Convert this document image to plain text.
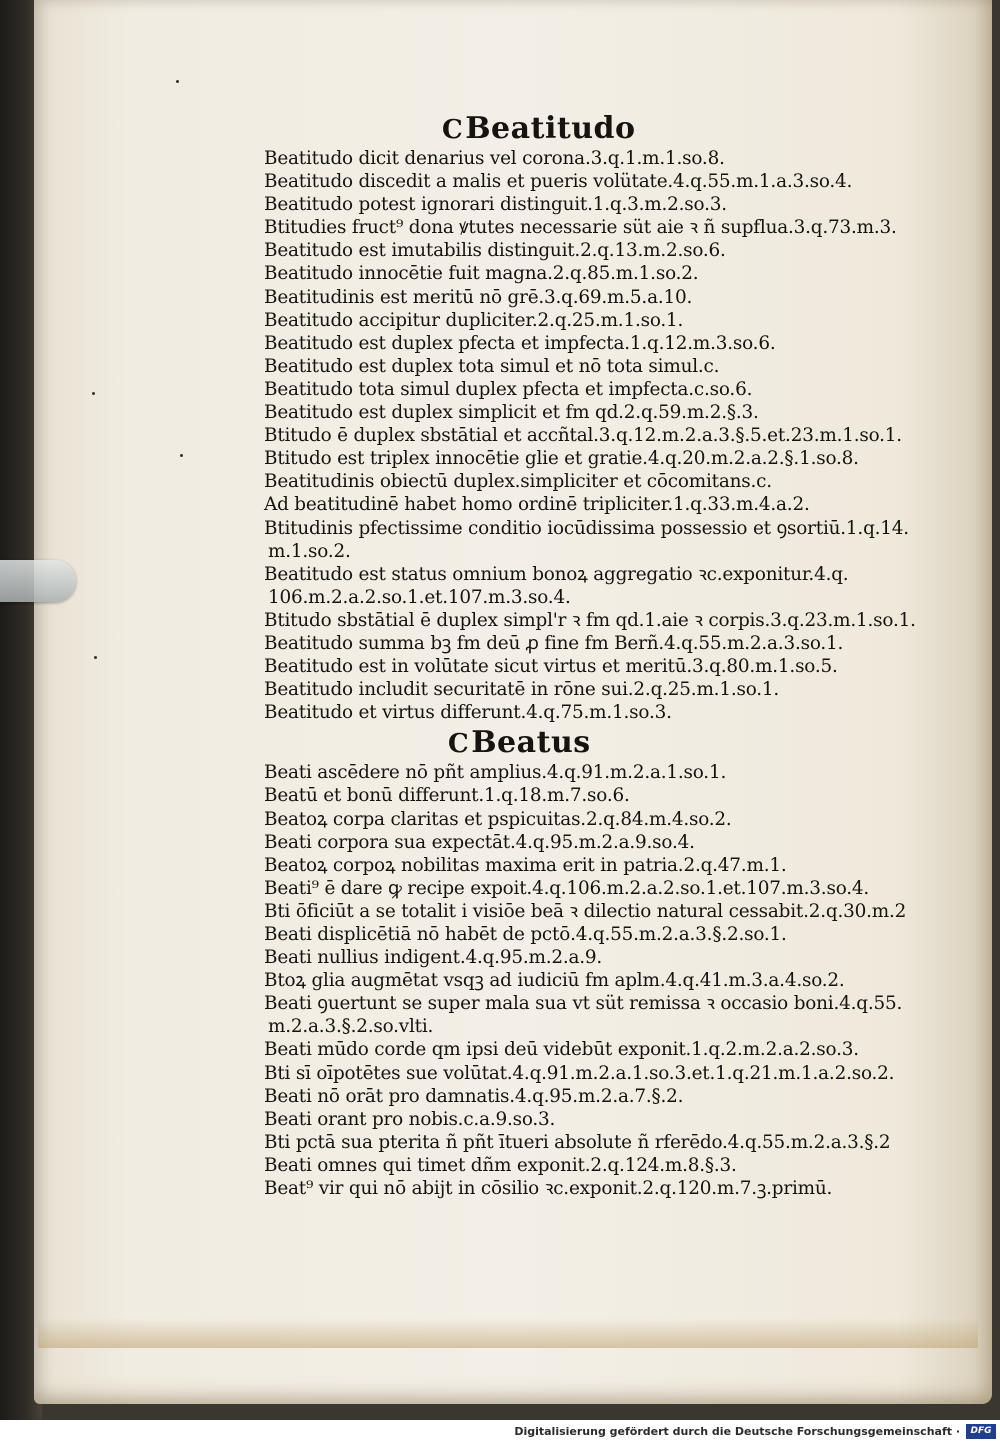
CBeatitudo
Beatitudo dicit denarius vel corona.3.q.1.m.1.so.8.
Beatitudo discedit a malis et pueris volütate.4.q.55.m.1.a.3.so.4.
Beatitudo potest ignorari distinguit.1.q.3.m.2.so.3.
Btitudies fruct⁹ dona ꝟtutes necessarie süt aie ꝛ ñ supflua.3.q.73.m.3.
Beatitudo est imutabilis distinguit.2.q.13.m.2.so.6.
Beatitudo innocētie fuit magna.2.q.85.m.1.so.2.
Beatitudinis est meritū nō grē.3.q.69.m.5.a.10.
Beatitudo accipitur dupliciter.2.q.25.m.1.so.1.
Beatitudo est duplex pfecta et impfecta.1.q.12.m.3.so.6.
Beatitudo est duplex tota simul et nō tota simul.c.
Beatitudo tota simul duplex pfecta et impfecta.c.so.6.
Beatitudo est duplex simplicit et fm qd.2.q.59.m.2.§.3.
Btitudo ē duplex sbstātial et accñtal.3.q.12.m.2.a.3.§.5.et.23.m.1.so.1.
Btitudo est triplex innocētie glie et gratie.4.q.20.m.2.a.2.§.1.so.8.
Beatitudinis obiectū duplex.simpliciter et cōcomitans.c.
Ad beatitudinē habet homo ordinē tripliciter.1.q.33.m.4.a.2.
Btitudinis pfectissime conditio iocūdissima possessio et ꝯsortiū.1.q.14.
m.1.so.2.
Beatitudo est status omnium bonoꝝ aggregatio ꝛc.exponitur.4.q.
106.m.2.a.2.so.1.et.107.m.3.so.4.
Btitudo sbstātial ē duplex simpl'r ꝛ fm qd.1.aie ꝛ corpis.3.q.23.m.1.so.1.
Beatitudo summa bꝫ fm deū ꝓ fine fm Berñ.4.q.55.m.2.a.3.so.1.
Beatitudo est in volūtate sicut virtus et meritū.3.q.80.m.1.so.5.
Beatitudo includit securitatē in rōne sui.2.q.25.m.1.so.1.
Beatitudo et virtus differunt.4.q.75.m.1.so.3.
CBeatus
Beati ascēdere nō pñt amplius.4.q.91.m.2.a.1.so.1.
Beatū et bonū differunt.1.q.18.m.7.so.6.
Beatoꝝ corpa claritas et pspicuitas.2.q.84.m.4.so.2.
Beati corpora sua expectāt.4.q.95.m.2.a.9.so.4.
Beatoꝝ corpoꝝ nobilitas maxima erit in patria.2.q.47.m.1.
Beati⁹ ē dare ꝙ recipe expoit.4.q.106.m.2.a.2.so.1.et.107.m.3.so.4.
Bti ōficiūt a se totalit i visiōe beā ꝛ dilectio natural cessabit.2.q.30.m.2
Beati displicētiā nō habēt de pctō.4.q.55.m.2.a.3.§.2.so.1.
Beati nullius indigent.4.q.95.m.2.a.9.
Btoꝝ glia augmētat vsqꝫ ad iudiciū fm aplm.4.q.41.m.3.a.4.so.2.
Beati ꝯuertunt se super mala sua vt süt remissa ꝛ occasio boni.4.q.55.
m.2.a.3.§.2.so.vlti.
Beati mūdo corde qm ipsi deū videbūt exponit.1.q.2.m.2.a.2.so.3.
Bti sī oīpotētes sue volūtat.4.q.91.m.2.a.1.so.3.et.1.q.21.m.1.a.2.so.2.
Beati nō orāt pro damnatis.4.q.95.m.2.a.7.§.2.
Beati orant pro nobis.c.a.9.so.3.
Bti pctā sua pterita ñ pñt ītueri absolute ñ rferēdo.4.q.55.m.2.a.3.§.2
Beati omnes qui timet dñm exponit.2.q.124.m.8.§.3.
Beat⁹ vir qui nō abijt in cōsilio ꝛc.exponit.2.q.120.m.7.ꝫ.primū.
Digitalisierung gefördert durch die Deutsche Forschungsgemeinschaft ·	DFG
